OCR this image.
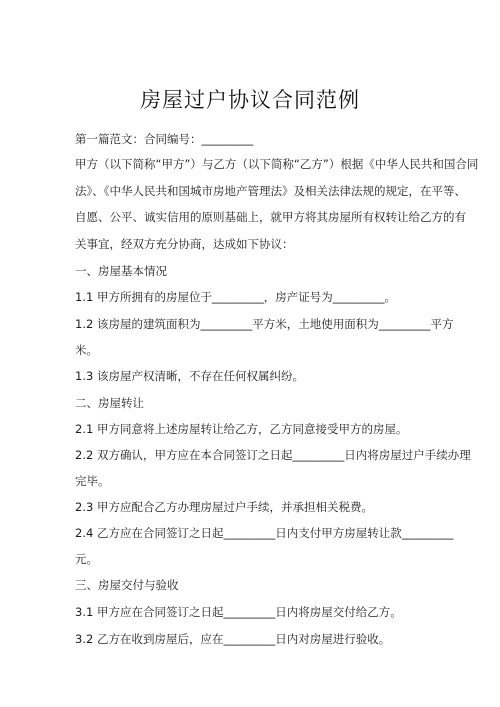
房屋过户协议合同范例
第一篇范文：合同编号：_________
甲方（以下简称“甲方”）与乙方（以下简称“乙方”）根据《中华人民共和国合同
法》、《中华人民共和国城市房地产管理法》及相关法律法规的规定，在平等、
自愿、公平、诚实信用的原则基础上，就甲方将其房屋所有权转让给乙方的有
关事宜，经双方充分协商，达成如下协议：
一、房屋基本情况
1.1 甲方所拥有的房屋位于_________，房产证号为_________。
1.2 该房屋的建筑面积为_________平方米，土地使用面积为_________平方
米。
1.3 该房屋产权清晰，不存在任何权属纠纷。
二、房屋转让
2.1 甲方同意将上述房屋转让给乙方，乙方同意接受甲方的房屋。
2.2 双方确认，甲方应在本合同签订之日起_________日内将房屋过户手续办理
完毕。
2.3 甲方应配合乙方办理房屋过户手续，并承担相关税费。
2.4 乙方应在合同签订之日起_________日内支付甲方房屋转让款_________
元。
三、房屋交付与验收
3.1 甲方应在合同签订之日起_________日内将房屋交付给乙方。
3.2 乙方在收到房屋后，应在_________日内对房屋进行验收。
